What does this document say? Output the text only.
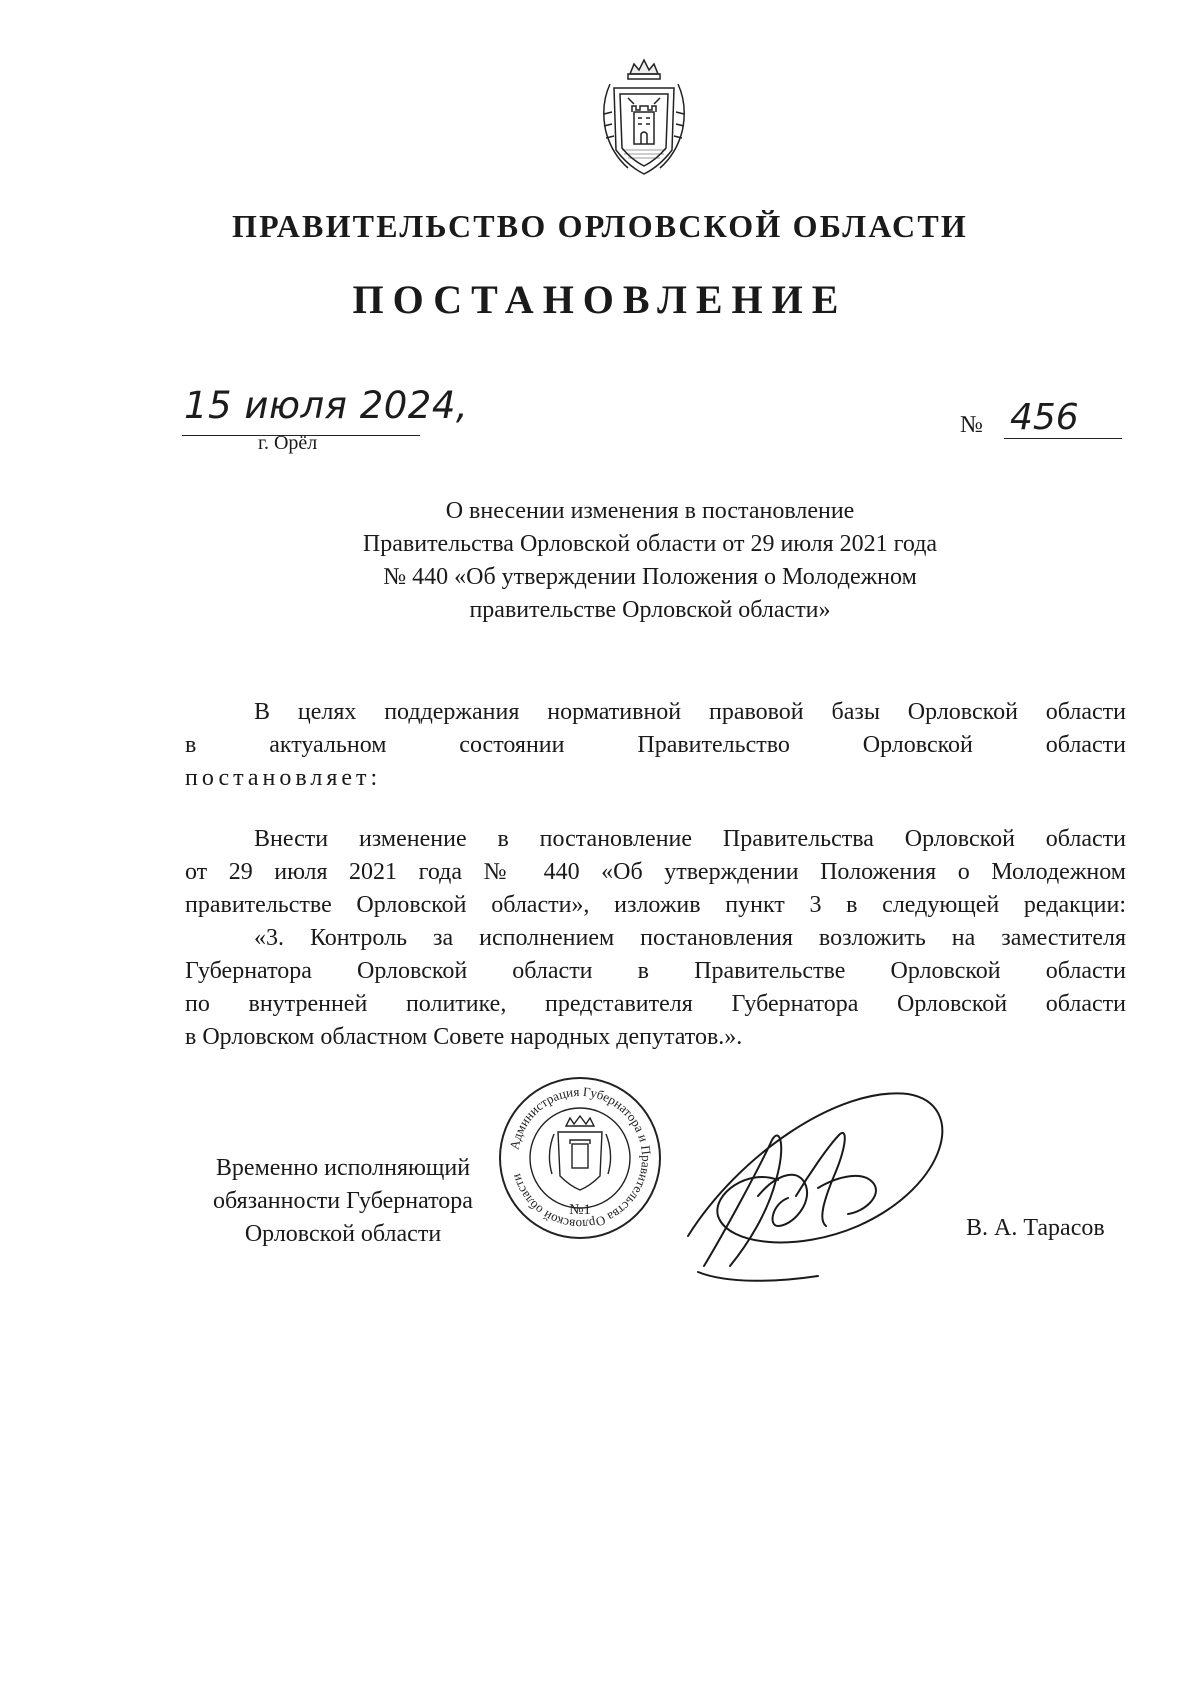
ПРАВИТЕЛЬСТВО ОРЛОВСКОЙ ОБЛАСТИ
ПОСТАНОВЛЕНИЕ
15 июля 2024,
г. Орёл
№ 456
О внесении изменения в постановление
Правительства Орловской области от 29 июля 2021 года
№ 440 «Об утверждении Положения о Молодежном
правительстве Орловской области»
В целях поддержания нормативной правовой базы Орловской области
в актуальном состоянии Правительство Орловской области
постановляет:
Внести изменение в постановление Правительства Орловской области
от 29 июля 2021 года № 440 «Об утверждении Положения о Молодежном
правительстве Орловской области», изложив пункт 3 в следующей редакции:
«3. Контроль за исполнением постановления возложить на заместителя
Губернатора Орловской области в Правительстве Орловской области
по внутренней политике, представителя Губернатора Орловской области
в Орловском областном Совете народных депутатов.».
Временно исполняющий
обязанности Губернатора
Орловской области
Администрация Губернатора и Правительства Орловской области
№1
В. А. Тарасов
